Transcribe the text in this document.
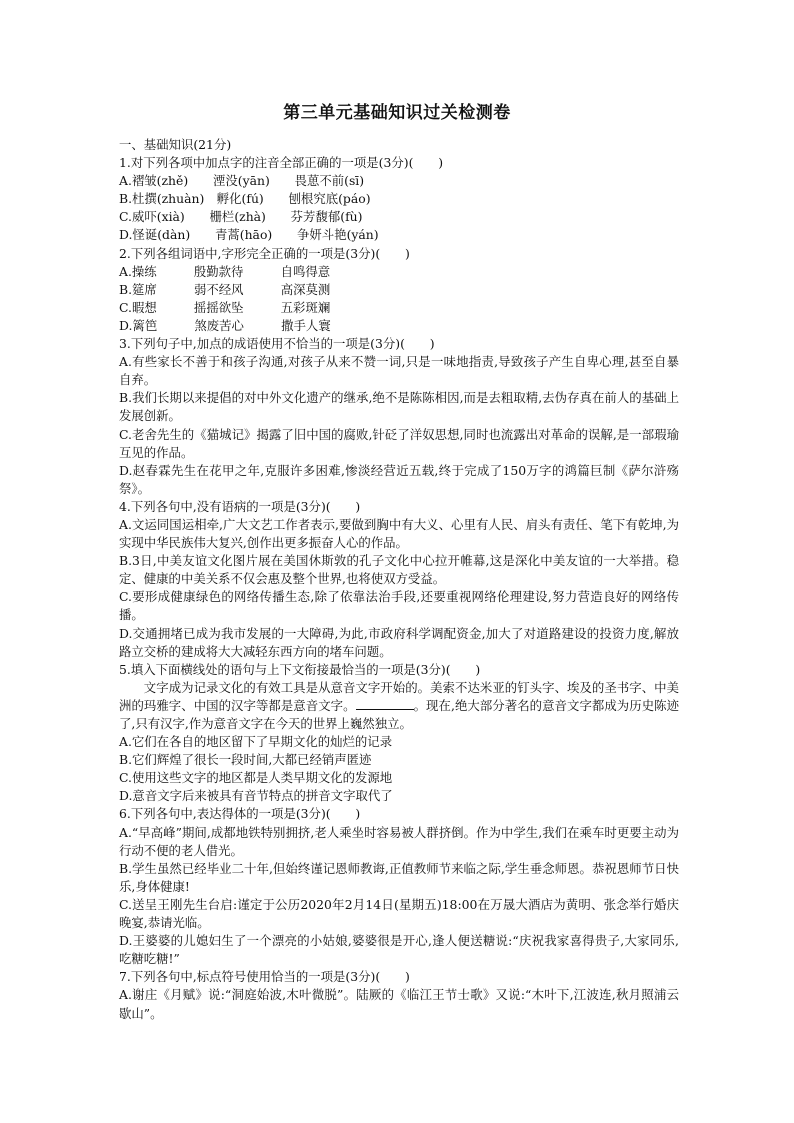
第三单元基础知识过关检测卷

一、基础知识(21分)

1.对下列各项中加点字的注音全部正确的一项是(3分)(　　)

A.褶皱(zhě)　　湮没(yān)　　畏葸不前(sī)

B.杜撰(zhuàn)　孵化(fú)　　刨根究底(páo)

C.威吓(xià)　　栅栏(zhà)　　芬芳馥郁(fù)

D.怪诞(dàn)　　青蒿(hāo)　　争妍斗艳(yán)

2.下列各组词语中,字形完全正确的一项是(3分)(　　)

A.操练　　　殷勤款待　　　自鸣得意

B.筵席　　　弱不经风　　　高深莫测

C.暇想　　　摇摇欲坠　　　五彩斑斓

D.篱笆　　　煞废苦心　　　撒手人寰

3.下列句子中,加点的成语使用不恰当的一项是(3分)(　　)

A.有些家长不善于和孩子沟通,对孩子从来不赞一词,只是一味地指责,导致孩子产生自卑心理,甚至自暴自弃。

B.我们长期以来提倡的对中外文化遗产的继承,绝不是陈陈相因,而是去粗取精,去伪存真在前人的基础上发展创新。

C.老舍先生的《猫城记》揭露了旧中国的腐败,针砭了洋奴思想,同时也流露出对革命的误解,是一部瑕瑜互见的作品。

D.赵春霖先生在花甲之年,克服许多困难,惨淡经营近五载,终于完成了150万字的鸿篇巨制《萨尔浒殇祭》。

4.下列各句中,没有语病的一项是(3分)(　　)

A.文运同国运相牵,广大文艺工作者表示,要做到胸中有大义、心里有人民、肩头有责任、笔下有乾坤,为实现中华民族伟大复兴,创作出更多振奋人心的作品。

B.3日,中美友谊文化图片展在美国休斯敦的孔子文化中心拉开帷幕,这是深化中美友谊的一大举措。稳定、健康的中美关系不仅会惠及整个世界,也将使双方受益。

C.要形成健康绿色的网络传播生态,除了依靠法治手段,还要重视网络伦理建设,努力营造良好的网络传播。

D.交通拥堵已成为我市发展的一大障碍,为此,市政府科学调配资金,加大了对道路建设的投资力度,解放路立交桥的建成将大大减轻东西方向的堵车问题。

5.填入下面横线处的语句与上下文衔接最恰当的一项是(3分)(　　)

文字成为记录文化的有效工具是从意音文字开始的。美索不达米亚的钉头字、埃及的圣书字、中美洲的玛雅字、中国的汉字等都是意音文字。	。现在,绝大部分著名的意音文字都成为历史陈迹了,只有汉字,作为意音文字在今天的世界上巍然独立。

A.它们在各自的地区留下了早期文化的灿烂的记录

B.它们辉煌了很长一段时间,大都已经销声匿迹

C.使用这些文字的地区都是人类早期文化的发源地

D.意音文字后来被具有音节特点的拼音文字取代了

6.下列各句中,表达得体的一项是(3分)(　　)

A.“早高峰”期间,成都地铁特别拥挤,老人乘坐时容易被人群挤倒。作为中学生,我们在乘车时更要主动为行动不便的老人借光。

B.学生虽然已经毕业二十年,但始终谨记恩师教诲,正值教师节来临之际,学生垂念师恩。恭祝恩师节日快乐,身体健康!

C.送呈王刚先生台启:谨定于公历2020年2月14日(星期五)18:00在万晟大酒店为黄明、张念举行婚庆晚宴,恭请光临。

D.王婆婆的儿媳妇生了一个漂亮的小姑娘,婆婆很是开心,逢人便送糖说:“庆祝我家喜得贵子,大家同乐,吃糖吃糖!”

7.下列各句中,标点符号使用恰当的一项是(3分)(　　)

A.谢庄《月赋》说:“洞庭始波,木叶微脱”。陆厥的《临江王节士歌》又说:“木叶下,江波连,秋月照浦云歇山”。
